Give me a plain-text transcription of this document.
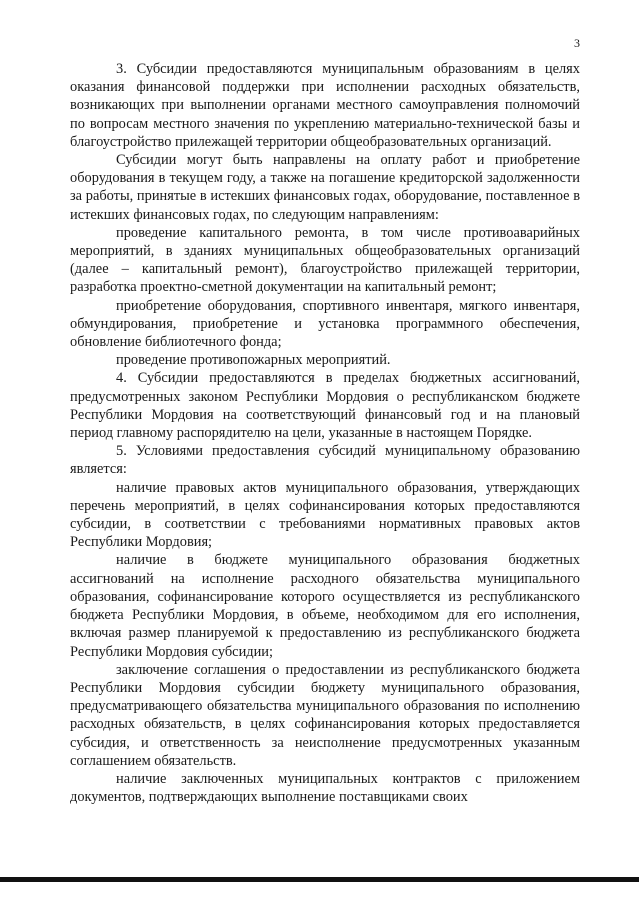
3

3. Субсидии предоставляются муниципальным образованиям в целях оказания финансовой поддержки при исполнении расходных обязательств, возникающих при выполнении органами местного самоуправления полномочий по вопросам местного значения по укреплению материально-технической базы и благоустройство прилежащей территории общеобразовательных организаций.

Субсидии могут быть направлены на оплату работ и приобретение оборудования в текущем году, а также на погашение кредиторской задолженности за работы, принятые в истекших финансовых годах, оборудование, поставленное в истекших финансовых годах, по следующим направлениям:

проведение капитального ремонта, в том числе противоаварийных мероприятий, в зданиях муниципальных общеобразовательных организаций (далее – капитальный ремонт), благоустройство прилежащей территории, разработка проектно-сметной документации на капитальный ремонт;

приобретение оборудования, спортивного инвентаря, мягкого инвентаря, обмундирования, приобретение и установка программного обеспечения, обновление библиотечного фонда;

проведение противопожарных мероприятий.

4. Субсидии предоставляются в пределах бюджетных ассигнований, предусмотренных законом Республики Мордовия о республиканском бюджете Республики Мордовия на соответствующий финансовый год и на плановый период главному распорядителю на цели, указанные в настоящем Порядке.

5. Условиями предоставления субсидий муниципальному образованию является:

наличие правовых актов муниципального образования, утверждающих перечень мероприятий, в целях софинансирования которых предоставляются субсидии, в соответствии с требованиями нормативных правовых актов Республики Мордовия;

наличие в бюджете муниципального образования бюджетных ассигнований на исполнение расходного обязательства муниципального образования, софинансирование которого осуществляется из республиканского бюджета Республики Мордовия, в объеме, необходимом для его исполнения, включая размер планируемой к предоставлению из республиканского бюджета Республики Мордовия субсидии;

заключение соглашения о предоставлении из республиканского бюджета Республики Мордовия субсидии бюджету муниципального образования, предусматривающего обязательства муниципального образования по исполнению расходных обязательств, в целях софинансирования которых предоставляется субсидия, и ответственность за неисполнение предусмотренных указанным соглашением обязательств.

наличие заключенных муниципальных контрактов с приложением документов, подтверждающих выполнение поставщиками своих
